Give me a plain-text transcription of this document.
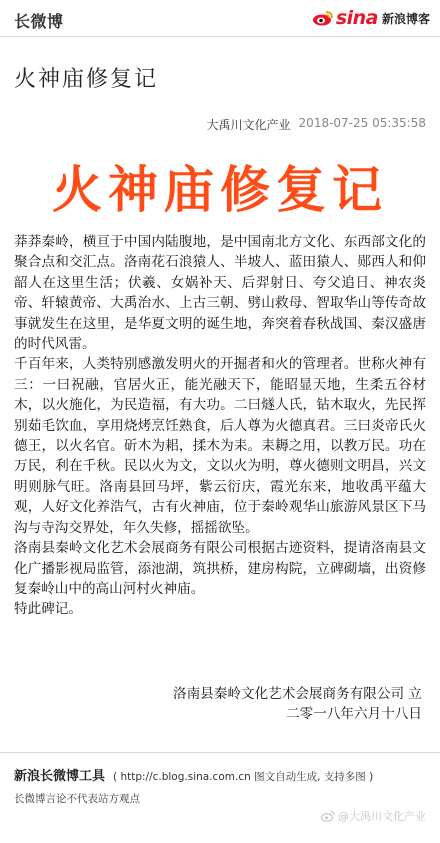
长微博	sina 新浪博客
火神庙修复记
大禹川文化产业 2018-07-25 05:35:58
火神庙修复记

莽莽秦岭，横亘于中国内陆腹地，是中国南北方文化、东西部文化的聚合点和交汇点。洛南花石浪猿人、半坡人、蓝田猿人、郧西人和仰韶人在这里生活；伏羲、女娲补天、后羿射日、夸父追日、神农炎帝、轩辕黄帝、大禹治水、上古三朝、劈山救母、智取华山等传奇故事就发生在这里，是华夏文明的诞生地，奔突着春秋战国、秦汉盛唐的时代风雷。

千百年来，人类特别感激发明火的开掘者和火的管理者。世称火神有三：一曰祝融，官居火正，能光融天下，能昭显天地，生柔五谷材木，以火施化，为民造福，有大功。二曰燧人氏，钻木取火，先民挥别茹毛饮血，享用烧烤烹饪熟食，后人尊为火德真君。三曰炎帝氏火德王，以火名官。斫木为耜，揉木为耒。耒耨之用，以教万民。功在万民，利在千秋。民以火为文，文以火为明，尊火德则文明昌，兴文明则脉气旺。洛南县回马坪，紫云衍庆，霞光东来，地收禹平蕴大观，人好文化养浩气，古有火神庙，位于秦岭观华山旅游风景区下马沟与寺沟交界处，年久失修，摇摇欲坠。

洛南县秦岭文化艺术会展商务有限公司根据古迹资料，提请洛南县文化广播影视局监管，添池湖，筑拱桥，建房构院，立碑砌墙，出资修复秦岭山中的高山河村火神庙。

特此碑记。

洛南县秦岭文化艺术会展商务有限公司 立
二零一八年六月十八日
新浪长微博工具 ( http://c.blog.sina.com.cn 图文自动生成, 支持多图 )
长微博言论不代表站方观点
@大禹川文化产业
